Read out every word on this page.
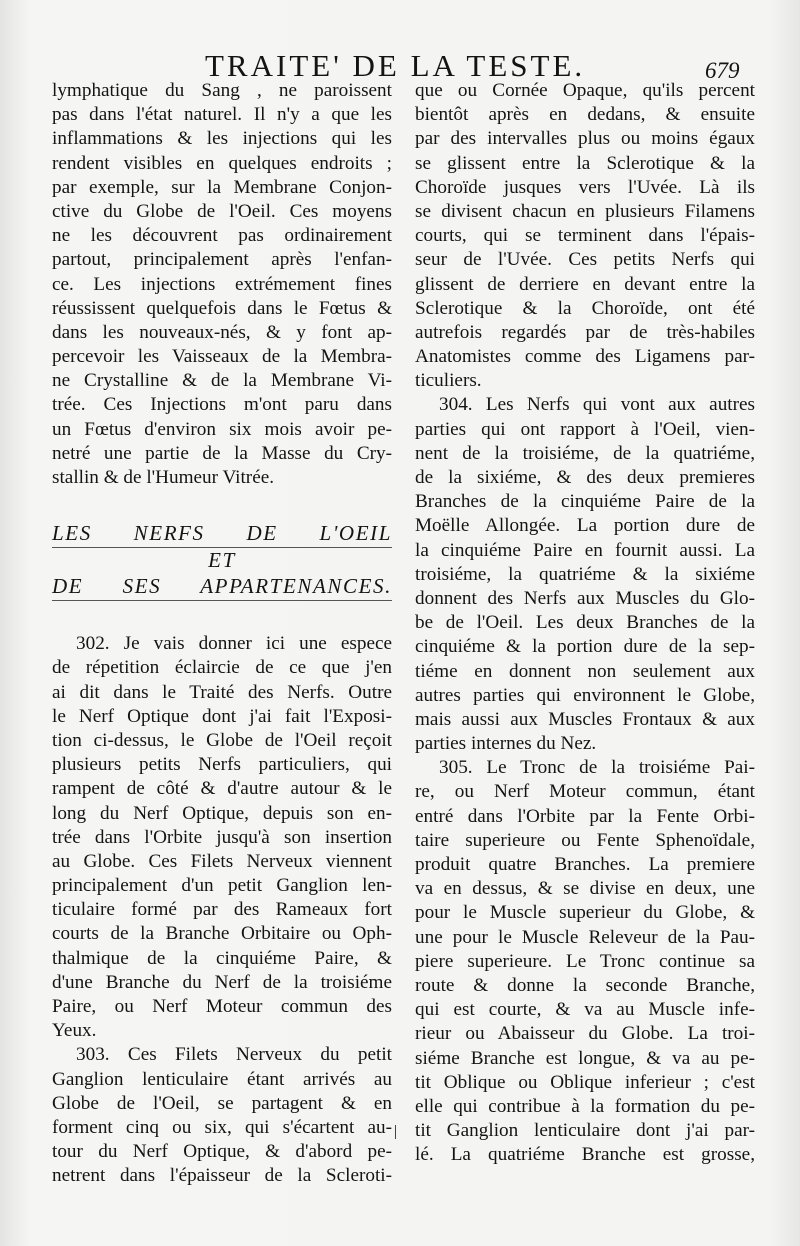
TRAITE' DE LA TESTE.	679
lymphatique du Sang , ne paroissent
pas dans l'état naturel. Il n'y a que les
inflammations & les injections qui les
rendent visibles en quelques endroits ;
par exemple, sur la Membrane Conjon-
ctive du Globe de l'Oeil. Ces moyens
ne les découvrent pas ordinairement
partout, principalement après l'enfan-
ce. Les injections extrémement fines
réussissent quelquefois dans le Fœtus &
dans les nouveaux-nés, & y font ap-
percevoir les Vaisseaux de la Membra-
ne Crystalline & de la Membrane Vi-
trée. Ces Injections m'ont paru dans
un Fœtus d'environ six mois avoir pe-
netré une partie de la Masse du Cry-
stallin & de l'Humeur Vitrée.
LES NERFS DE L'OEIL
ET
DE SES APPARTENANCES.
302. Je vais donner ici une espece
de répetition éclaircie de ce que j'en
ai dit dans le Traité des Nerfs. Outre
le Nerf Optique dont j'ai fait l'Exposi-
tion ci-dessus, le Globe de l'Oeil reçoit
plusieurs petits Nerfs particuliers, qui
rampent de côté & d'autre autour & le
long du Nerf Optique, depuis son en-
trée dans l'Orbite jusqu'à son insertion
au Globe. Ces Filets Nerveux viennent
principalement d'un petit Ganglion len-
ticulaire formé par des Rameaux fort
courts de la Branche Orbitaire ou Oph-
thalmique de la cinquiéme Paire, &
d'une Branche du Nerf de la troisiéme
Paire, ou Nerf Moteur commun des
Yeux.
303. Ces Filets Nerveux du petit
Ganglion lenticulaire étant arrivés au
Globe de l'Oeil, se partagent & en
forment cinq ou six, qui s'écartent au-
tour du Nerf Optique, & d'abord pe-
netrent dans l'épaisseur de la Scleroti-
que ou Cornée Opaque, qu'ils percent
bientôt après en dedans, & ensuite
par des intervalles plus ou moins égaux
se glissent entre la Sclerotique & la
Choroïde jusques vers l'Uvée. Là ils
se divisent chacun en plusieurs Filamens
courts, qui se terminent dans l'épais-
seur de l'Uvée. Ces petits Nerfs qui
glissent de derriere en devant entre la
Sclerotique & la Choroïde, ont été
autrefois regardés par de très-habiles
Anatomistes comme des Ligamens par-
ticuliers.
304. Les Nerfs qui vont aux autres
parties qui ont rapport à l'Oeil, vien-
nent de la troisiéme, de la quatriéme,
de la sixiéme, & des deux premieres
Branches de la cinquiéme Paire de la
Moëlle Allongée. La portion dure de
la cinquiéme Paire en fournit aussi. La
troisiéme, la quatriéme & la sixiéme
donnent des Nerfs aux Muscles du Glo-
be de l'Oeil. Les deux Branches de la
cinquiéme & la portion dure de la sep-
tiéme en donnent non seulement aux
autres parties qui environnent le Globe,
mais aussi aux Muscles Frontaux & aux
parties internes du Nez.
305. Le Tronc de la troisiéme Pai-
re, ou Nerf Moteur commun, étant
entré dans l'Orbite par la Fente Orbi-
taire superieure ou Fente Sphenoïdale,
produit quatre Branches. La premiere
va en dessus, & se divise en deux, une
pour le Muscle superieur du Globe, &
une pour le Muscle Releveur de la Pau-
piere superieure. Le Tronc continue sa
route & donne la seconde Branche,
qui est courte, & va au Muscle infe-
rieur ou Abaisseur du Globe. La troi-
siéme Branche est longue, & va au pe-
tit Oblique ou Oblique inferieur ; c'est
elle qui contribue à la formation du pe-
tit Ganglion lenticulaire dont j'ai par-
lé. La quatriéme Branche est grosse,
